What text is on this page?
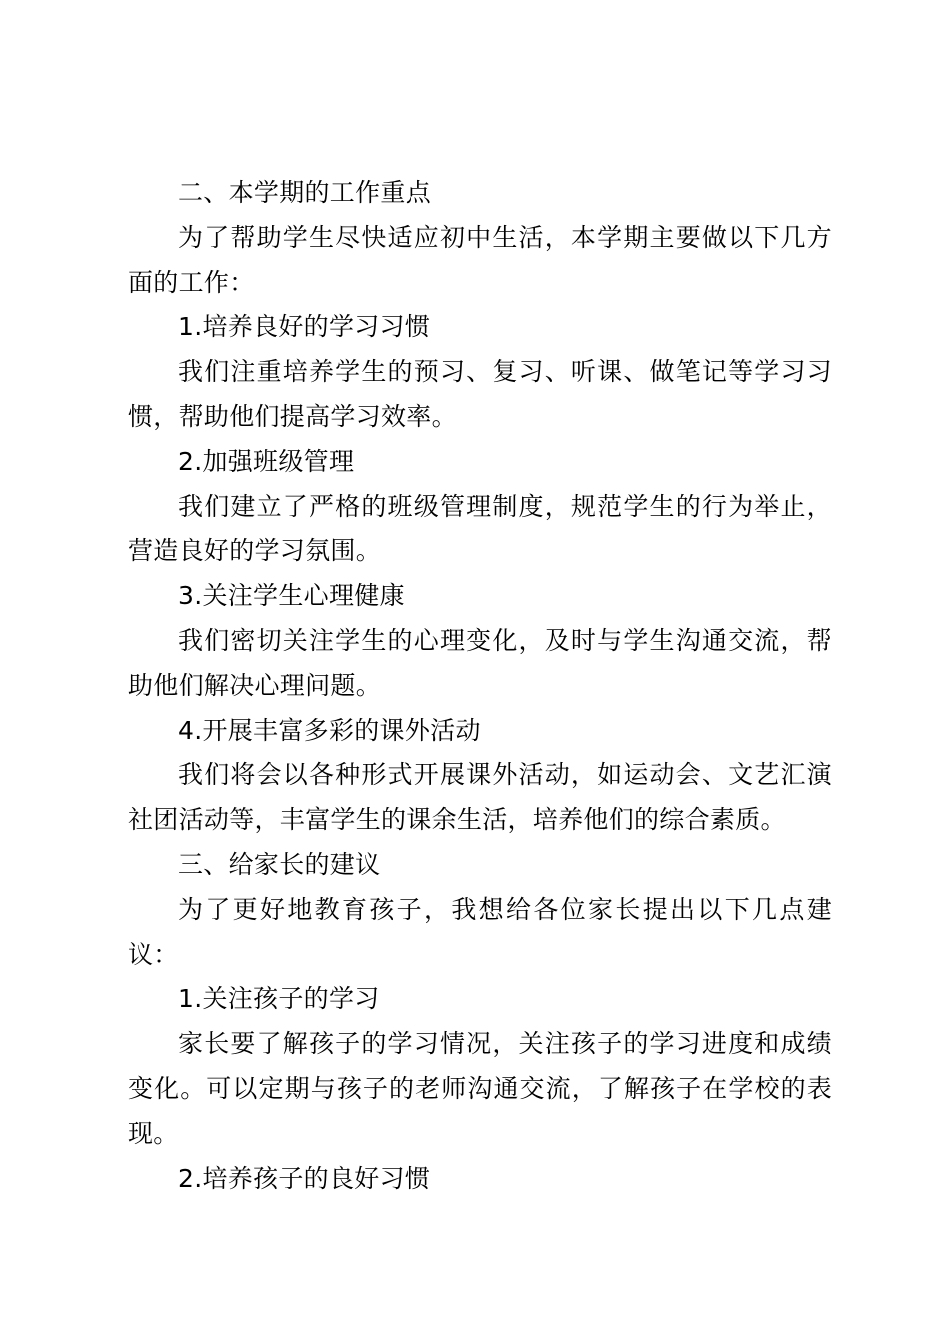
二、本学期的工作重点

为了帮助学生尽快适应初中生活，本学期主要做以下几方面的工作：

1.培养良好的学习习惯

我们注重培养学生的预习、复习、听课、做笔记等学习习惯，帮助他们提高学习效率。

2.加强班级管理

我们建立了严格的班级管理制度，规范学生的行为举止，营造良好的学习氛围。

3.关注学生心理健康

我们密切关注学生的心理变化，及时与学生沟通交流，帮助他们解决心理问题。

4.开展丰富多彩的课外活动

我们将会以各种形式开展课外活动，如运动会、文艺汇演社团活动等，丰富学生的课余生活，培养他们的综合素质。

三、给家长的建议

为了更好地教育孩子，我想给各位家长提出以下几点建议：

1.关注孩子的学习

家长要了解孩子的学习情况，关注孩子的学习进度和成绩变化。可以定期与孩子的老师沟通交流，了解孩子在学校的表现。

2.培养孩子的良好习惯
